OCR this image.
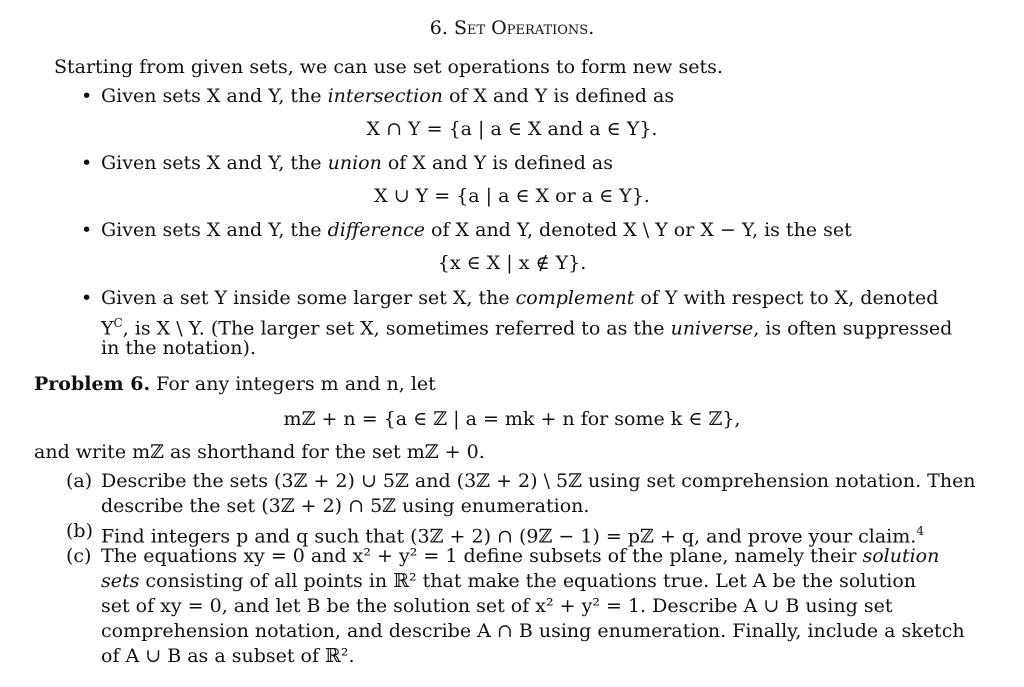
6. Set Operations.
Starting from given sets, we can use set operations to form new sets.
• Given sets X and Y, the intersection of X and Y is defined as
X ∩ Y = {a | a ∈ X and a ∈ Y}.
• Given sets X and Y, the union of X and Y is defined as
X ∪ Y = {a | a ∈ X or a ∈ Y}.
• Given sets X and Y, the difference of X and Y, denoted X \ Y or X − Y, is the set
{x ∈ X | x ∉ Y}.
• Given a set Y inside some larger set X, the complement of Y with respect to X, denoted
$Y^C$, is X \ Y. (The larger set X, sometimes referred to as the universe, is often suppressed
in the notation).
Problem 6. For any integers m and n, let
mℤ + n = {a ∈ ℤ | a = mk + n for some k ∈ ℤ},
and write mℤ as shorthand for the set mℤ + 0.
(a) Describe the sets (3ℤ + 2) ∪ 5ℤ and (3ℤ + 2) \ 5ℤ using set comprehension notation. Then
describe the set (3ℤ + 2) ∩ 5ℤ using enumeration.
(b) Find integers p and q such that (3ℤ + 2) ∩ (9ℤ − 1) = pℤ + q, and prove your claim.$^4$
(c) The equations xy = 0 and x² + y² = 1 define subsets of the plane, namely their solution
sets consisting of all points in ℝ² that make the equations true. Let A be the solution
set of xy = 0, and let B be the solution set of x² + y² = 1. Describe A ∪ B using set
comprehension notation, and describe A ∩ B using enumeration. Finally, include a sketch
of A ∪ B as a subset of ℝ².
